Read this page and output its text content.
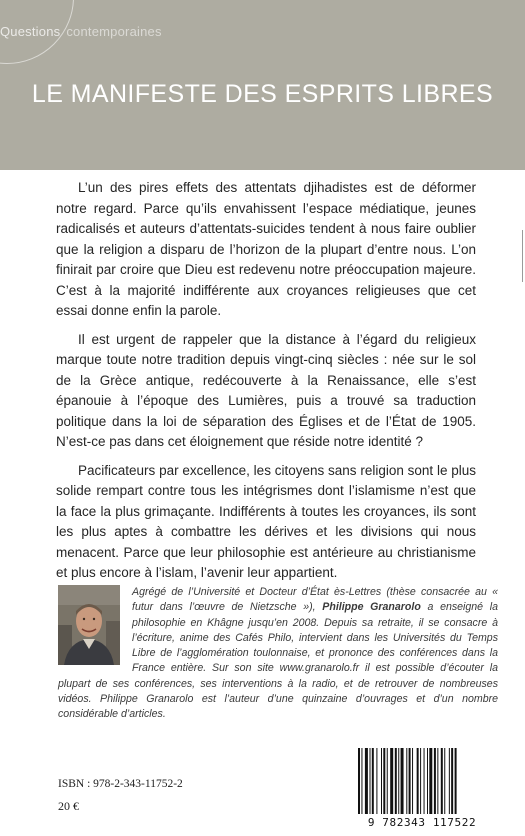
Questions contemporaines
LE MANIFESTE DES ESPRITS LIBRES

L’un des pires effets des attentats djihadistes est de déformer notre regard. Parce qu’ils envahissent l’espace médiatique, jeunes radicalisés et auteurs d’attentats-suicides tendent à nous faire oublier que la religion a disparu de l’horizon de la plupart d’entre nous. L’on finirait par croire que Dieu est redevenu notre préoccupation majeure. C’est à la majorité indifférente aux croyances religieuses que cet essai donne enfin la parole.

Il est urgent de rappeler que la distance à l’égard du religieux marque toute notre tradition depuis vingt-cinq siècles : née sur le sol de la Grèce antique, redécouverte à la Renaissance, elle s’est épanouie à l’époque des Lumières, puis a trouvé sa traduction politique dans la loi de séparation des Églises et de l’État de 1905. N’est-ce pas dans cet éloignement que réside notre identité ?

Pacificateurs par excellence, les citoyens sans religion sont le plus solide rempart contre tous les intégrismes dont l’islamisme n’est que la face la plus grimaçante. Indifférents à toutes les croyances, ils sont les plus aptes à combattre les dérives et les divisions qui nous menacent. Parce que leur philosophie est antérieure au christianisme et plus encore à l’islam, l’avenir leur appartient.

Agrégé de l’Université et Docteur d’État ès-Lettres (thèse consacrée au « futur dans l’œuvre de Nietzsche »), Philippe Granarolo a enseigné la philosophie en Khâgne jusqu’en 2008. Depuis sa retraite, il se consacre à l’écriture, anime des Cafés Philo, intervient dans les Universités du Temps Libre de l’agglomération toulonnaise, et prononce des conférences dans la France entière. Sur son site www.granarolo.fr il est possible d’écouter la plupart de ses conférences, ses interventions à la radio, et de retrouver de nombreuses vidéos. Philippe Granarolo est l’auteur d’une quinzaine d’ouvrages et d’un nombre considérable d’articles.
ISBN : 978-2-343-11752-2
20 €
9 782343 117522
